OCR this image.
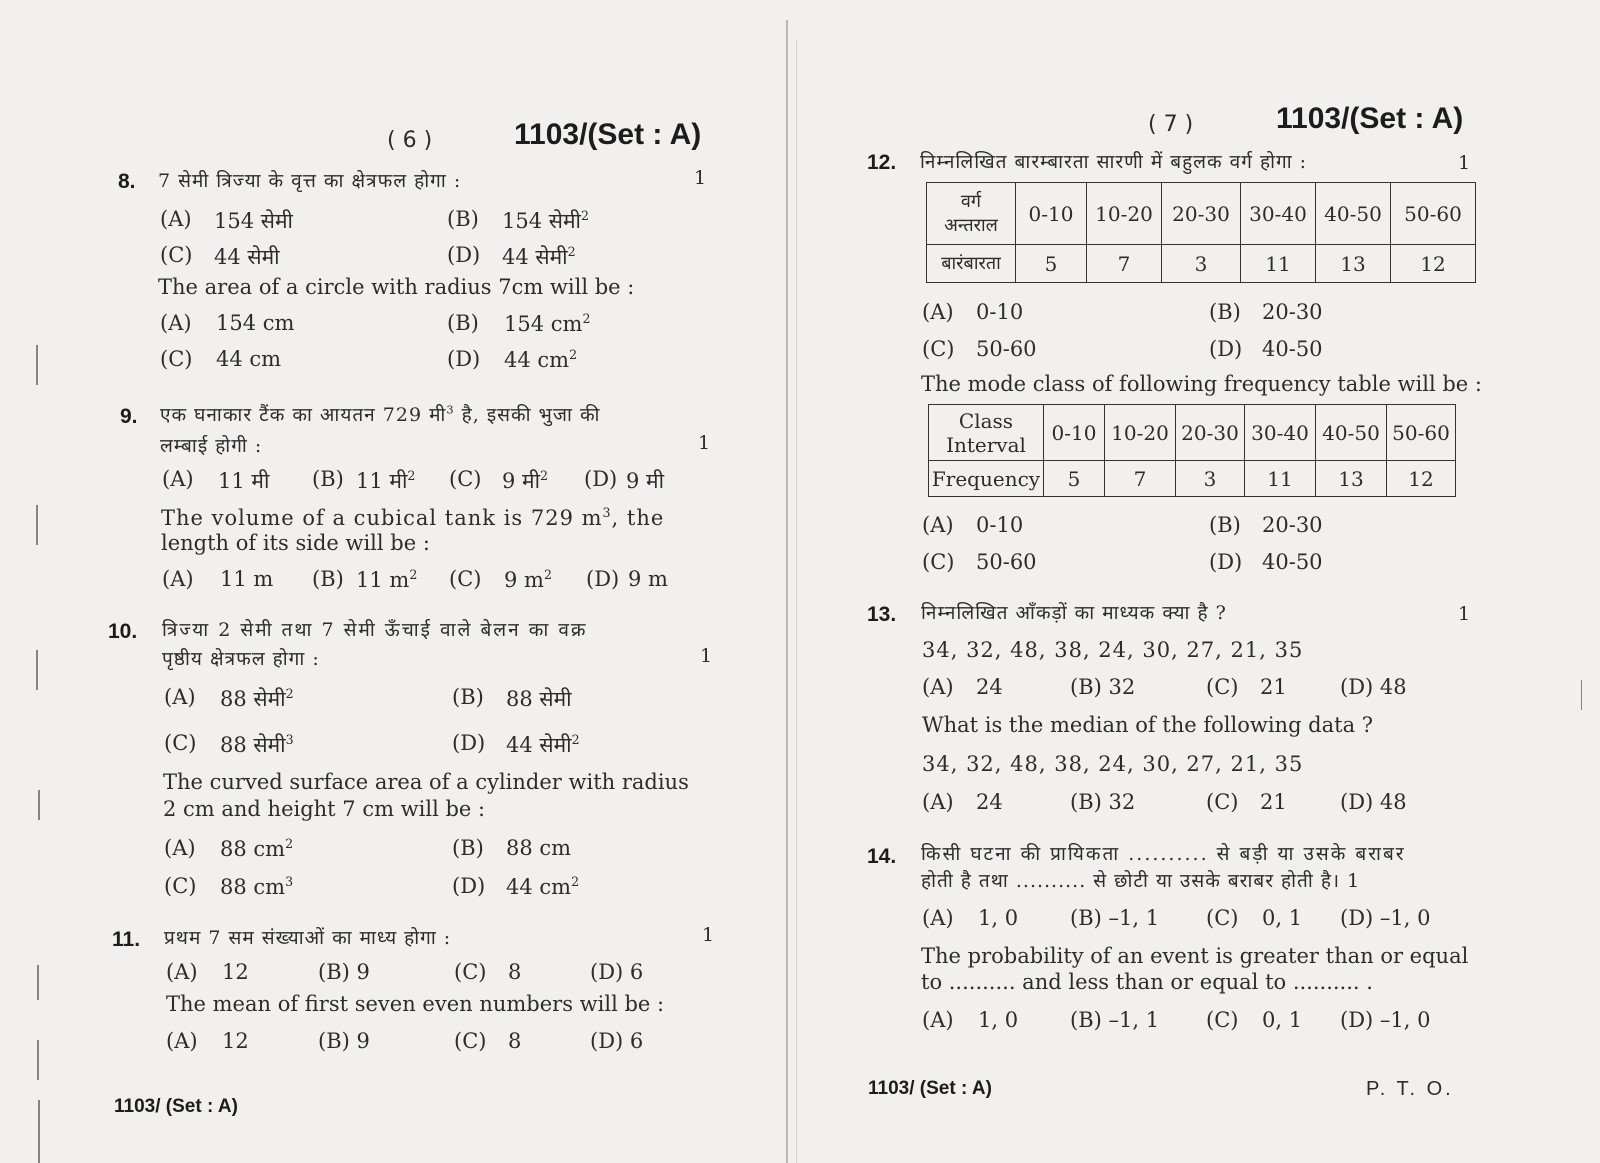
( 6 )	1103/(Set : A)
8. 7 सेमी त्रिज्या के वृत्त का क्षेत्रफल होगा :	1
(A) 154 सेमी	(B) 154 सेमी$^2$
(C) 44 सेमी	(D) 44 सेमी$^2$
The area of a circle with radius 7cm will be :
(A) 154 cm	(B) 154 $cm^2$
(C) 44 cm	(D) 44 $cm^2$
9. एक घनाकार टैंक का आयतन 729 मी$^3$ है, इसकी भुजा की
लम्बाई होगी :	1
(A) 11 मी (B) 11 मी$^2$ (C) 9 मी$^2$ (D) 9 मी
The volume of a cubical tank is 729 $m^3$, the
length of its side will be :
(A) 11 m (B) 11 $m^2$ (C) 9 $m^2$ (D) 9 m
10. त्रिज्या 2 सेमी तथा 7 सेमी ऊँचाई वाले बेलन का वक्र
पृष्ठीय क्षेत्रफल होगा :	1
(A) 88 सेमी$^2$	(B) 88 सेमी
(C) 88 सेमी$^3$	(D) 44 सेमी$^2$
The curved surface area of a cylinder with radius
2 cm and height 7 cm will be :
(A) 88 $cm^2$	(B) 88 cm
(C) 88 $cm^3$	(D) 44 $cm^2$
11. प्रथम 7 सम संख्याओं का माध्य होगा :	1
(A) 12	(B) 9	(C) 8	(D) 6
The mean of first seven even numbers will be :
(A) 12	(B) 9	(C) 8	(D) 6
1103/ (Set : A)
( 7 )	1103/(Set : A)
12. निम्नलिखित बारम्बारता सारणी में बहुलक वर्ग होगा :	1
वर्ग
अन्तराल	0-10	10-20	20-30	30-40	40-50	50-60
बारंबारता	5	7	3	11	13	12
(A) 0-10	(B) 20-30
(C) 50-60	(D) 40-50
The mode class of following frequency table will be :
Class
Interval	0-10	10-20	20-30	30-40	40-50	50-60
Frequency	5	7	3	11	13	12
(A) 0-10	(B) 20-30
(C) 50-60	(D) 40-50
13. निम्नलिखित आँकड़ों का माध्यक क्या है ?	1
34, 32, 48, 38, 24, 30, 27, 21, 35
(A) 24	(B) 32	(C) 21	(D) 48
What is the median of the following data ?
34, 32, 48, 38, 24, 30, 27, 21, 35
(A) 24	(B) 32	(C) 21	(D) 48
14. किसी घटना की प्रायिकता .......... से बड़ी या उसके बराबर
होती है तथा .......... से छोटी या उसके बराबर होती है। 1
(A) 1, 0 (B) –1, 1 (C) 0, 1 (D) –1, 0
The probability of an event is greater than or equal
to .......... and less than or equal to .......... .
(A) 1, 0 (B) –1, 1 (C) 0, 1 (D) –1, 0
1103/ (Set : A)	P. T. O.
